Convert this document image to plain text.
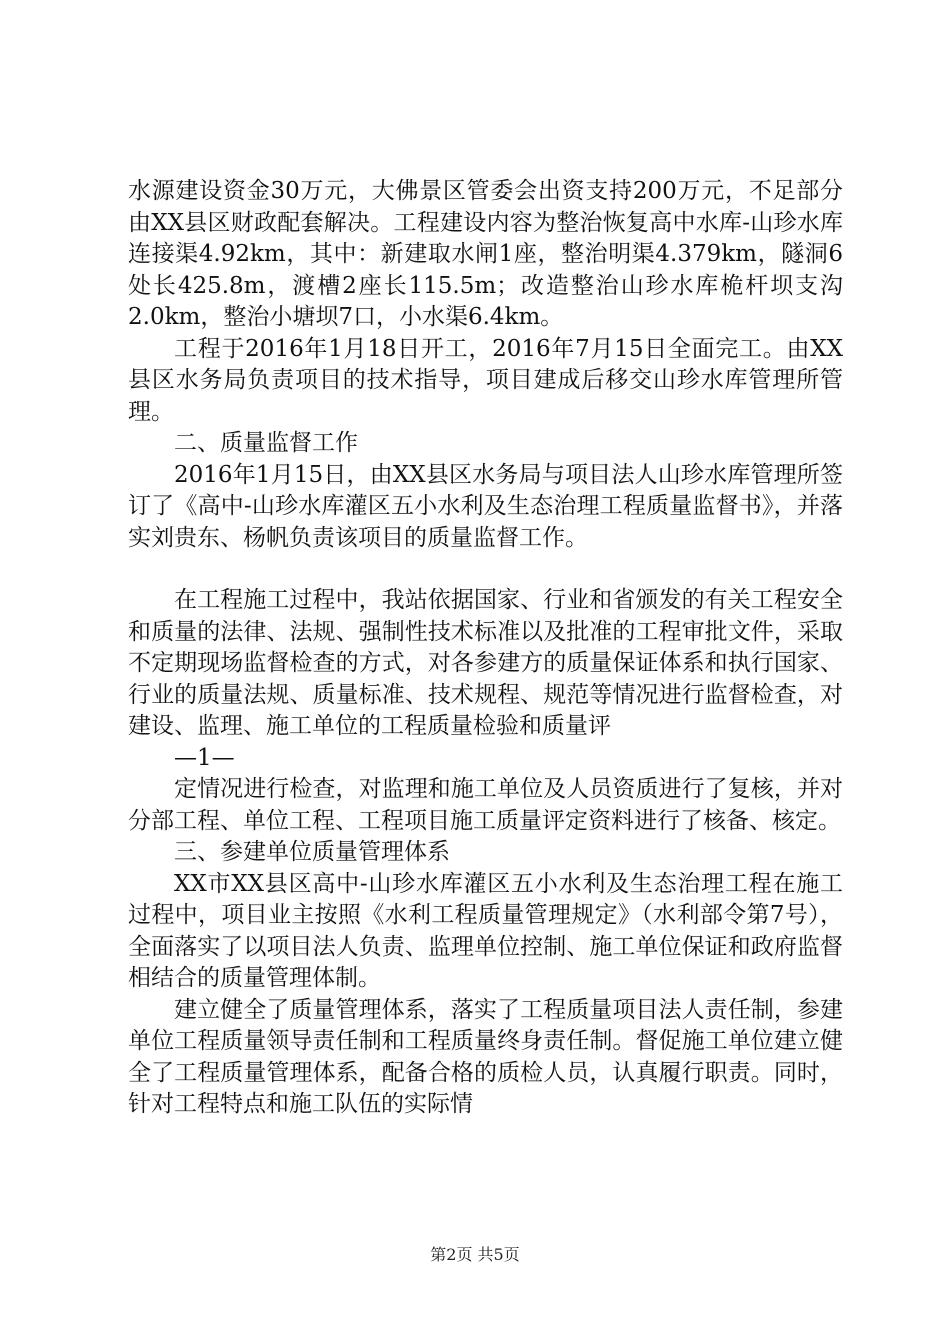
水源建设资金30万元，大佛景区管委会出资支持200万元，不足部分由XX县区财政配套解决。工程建设内容为整治恢复高中水库-山珍水库连接渠4.92km，其中：新建取水闸1座，整治明渠4.379km，隧洞6处长425.8m，渡槽2座长115.5m；改造整治山珍水库桅杆坝支沟2.0km，整治小塘坝7口，小水渠6.4km。

工程于2016年1月18日开工，2016年7月15日全面完工。由XX县区水务局负责项目的技术指导，项目建成后移交山珍水库管理所管理。

二、质量监督工作

2016年1月15日，由XX县区水务局与项目法人山珍水库管理所签订了《高中-山珍水库灌区五小水利及生态治理工程质量监督书》，并落实刘贵东、杨帆负责该项目的质量监督工作。

在工程施工过程中，我站依据国家、行业和省颁发的有关工程安全和质量的法律、法规、强制性技术标准以及批准的工程审批文件，采取不定期现场监督检查的方式，对各参建方的质量保证体系和执行国家、行业的质量法规、质量标准、技术规程、规范等情况进行监督检查，对建设、监理、施工单位的工程质量检验和质量评

—1—

定情况进行检查，对监理和施工单位及人员资质进行了复核，并对分部工程、单位工程、工程项目施工质量评定资料进行了核备、核定。

三、参建单位质量管理体系

XX市XX县区高中-山珍水库灌区五小水利及生态治理工程在施工过程中，项目业主按照《水利工程质量管理规定》（水利部令第7号），全面落实了以项目法人负责、监理单位控制、施工单位保证和政府监督相结合的质量管理体制。

建立健全了质量管理体系，落实了工程质量项目法人责任制，参建单位工程质量领导责任制和工程质量终身责任制。督促施工单位建立健全了工程质量管理体系，配备合格的质检人员，认真履行职责。同时，针对工程特点和施工队伍的实际情

第2页 共5页
